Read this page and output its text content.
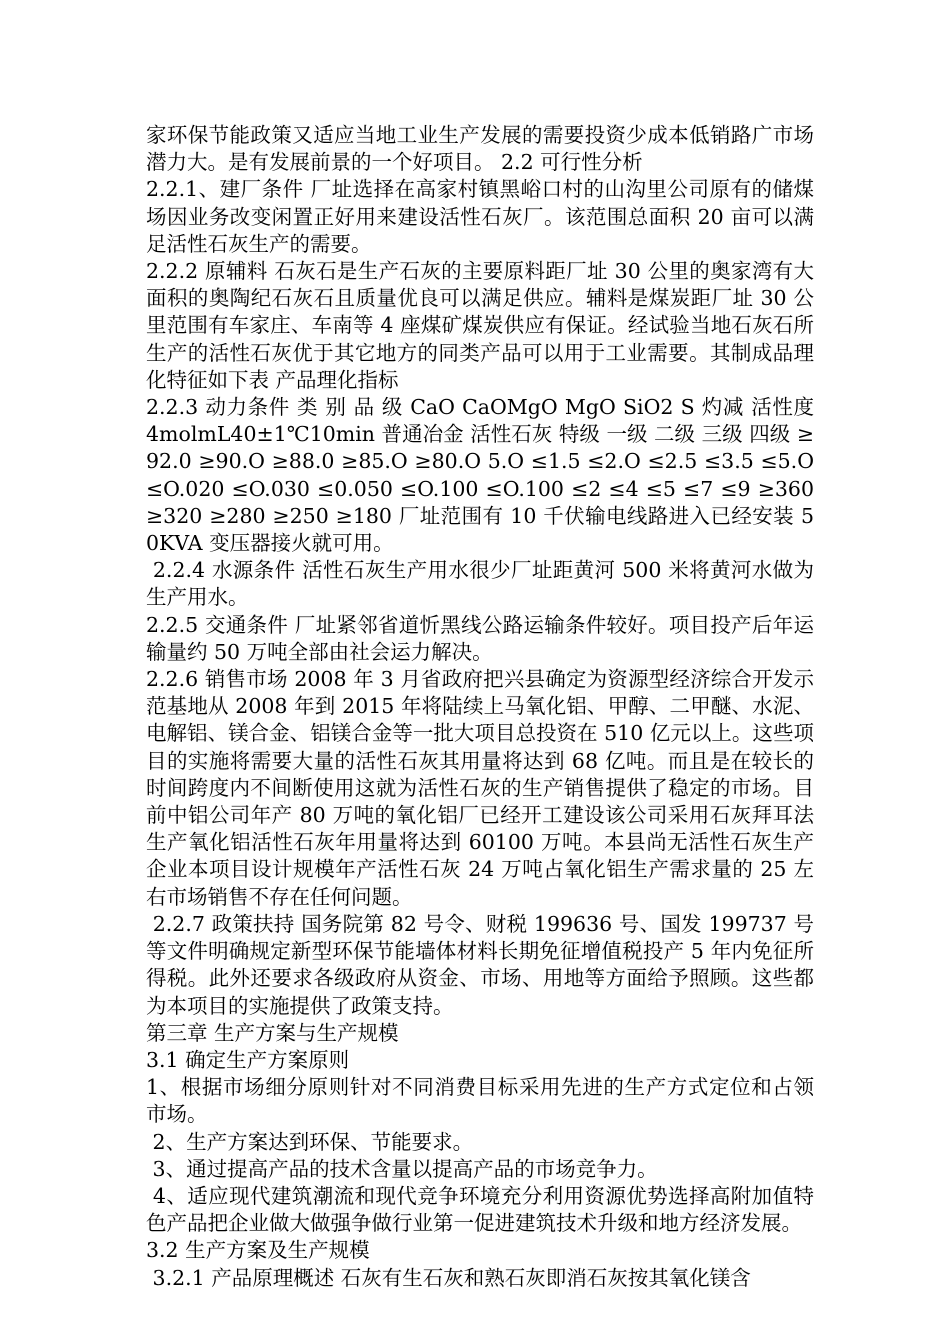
家环保节能政策又适应当地工业生产发展的需要投资少成本低销路广市场潜力大。是有发展前景的一个好项目。 2.2 可行性分析

2.2.1、建厂条件 厂址选择在高家村镇黑峪口村的山沟里公司原有的储煤场因业务改变闲置正好用来建设活性石灰厂。该范围总面积 20 亩可以满足活性石灰生产的需要。

2.2.2 原辅料 石灰石是生产石灰的主要原料距厂址 30 公里的奥家湾有大面积的奥陶纪石灰石且质量优良可以满足供应。辅料是煤炭距厂址 30 公里范围有车家庄、车南等 4 座煤矿煤炭供应有保证。经试验当地石灰石所生产的活性石灰优于其它地方的同类产品可以用于工业需要。其制成品理化特征如下表 产品理化指标

2.2.3 动力条件 类 别 品 级 CaO CaOMgO MgO SiO2 S 灼减 活性度 4molmL40±1℃10min 普通冶金 活性石灰 特级 一级 二级 三级 四级 ≥92.0 ≥90.O ≥88.0 ≥85.O ≥80.O 5.O ≤1.5 ≤2.O ≤2.5 ≤3.5 ≤5.O ≤O.020 ≤O.030 ≤0.050 ≤O.100 ≤O.100 ≤2 ≤4 ≤5 ≤7 ≤9 ≥360 ≥320 ≥280 ≥250 ≥180 厂址范围有 10 千伏输电线路进入已经安装 50KVA 变压器接火就可用。

2.2.4 水源条件 活性石灰生产用水很少厂址距黄河 500 米将黄河水做为 生产用水。

2.2.5 交通条件 厂址紧邻省道忻黑线公路运输条件较好。项目投产后年运输量约 50 万吨全部由社会运力解决。

2.2.6 销售市场 2008 年 3 月省政府把兴县确定为资源型经济综合开发示范基地从 2008 年到 2015 年将陆续上马氧化铝、甲醇、二甲醚、水泥、电解铝、镁合金、铝镁合金等一批大项目总投资在 510 亿元以上。这些项目的实施将需要大量的活性石灰其用量将达到 68 亿吨。而且是在较长的时间跨度内不间断使用这就为活性石灰的生产销售提供了稳定的市场。目前中铝公司年产 80 万吨的氧化铝厂已经开工建设该公司采用石灰拜耳法生产氧化铝活性石灰年用量将达到 60100 万吨。本县尚无活性石灰生产企业本项目设计规模年产活性石灰 24 万吨占氧化铝生产需求量的 25 左右市场销售不存在任何问题。

2.2.7 政策扶持 国务院第 82 号令、财税 199636 号、国发 199737 号等文件明确规定新型环保节能墙体材料长期免征增值税投产 5 年内免征所得税。此外还要求各级政府从资金、市场、用地等方面给予照顾。这些都为本项目的实施提供了政策支持。

第三章 生产方案与生产规模

3.1 确定生产方案原则

1、根据市场细分原则针对不同消费目标采用先进的生产方式定位和占领市场。

2、生产方案达到环保、节能要求。

3、通过提高产品的技术含量以提高产品的市场竞争力。

4、适应现代建筑潮流和现代竞争环境充分利用资源优势选择高附加值特色产品把企业做大做强争做行业第一促进建筑技术升级和地方经济发展。

3.2 生产方案及生产规模

3.2.1 产品原理概述 石灰有生石灰和熟石灰即消石灰按其氧化镁含
